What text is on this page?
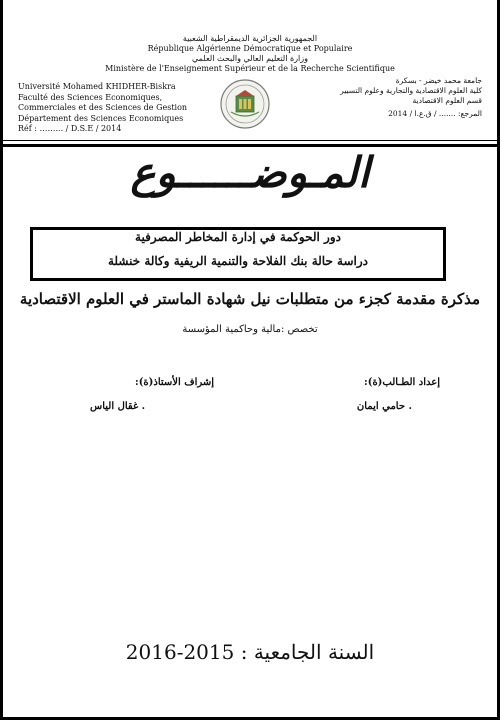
الجمهورية الجزائرية الديمقراطية الشعبية
République Algérienne Démocratique et Populaire
وزارة التعليم العالي والبحث العلمي
Ministère de l'Enseignement Supérieur et de la Recherche Scientifique
Université Mohamed KHIDHER-Biskra
Faculté des Sciences Economiques,
Commerciales et des Sciences de Gestion
Département des Sciences Economiques
Réf : ……... / D.S.E / 2014
جامعة محمد خيضر - بسكرة
كلية العلوم الاقتصادية والتجارية وعلوم التسيير
قسم العلوم الاقتصادية
المرجع: ....... / ق.ع.ا / 2014
المـوضــــــوع
دور الحوكمة في إدارة المخاطر المصرفية
دراسة حالة بنك الفلاحة والتنمية الريفية وكالة خنشلة
مذكرة مقدمة كجزء من متطلبات نيل شهادة الماستر في العلوم الاقتصادية
تخصص :مالية وحاكمية المؤسسة
إعداد الطـالب(ة):
. حامي ايمان
إشراف الأستاذ(ة):
. غقال الياس
السنة الجامعية : 2015-2016
